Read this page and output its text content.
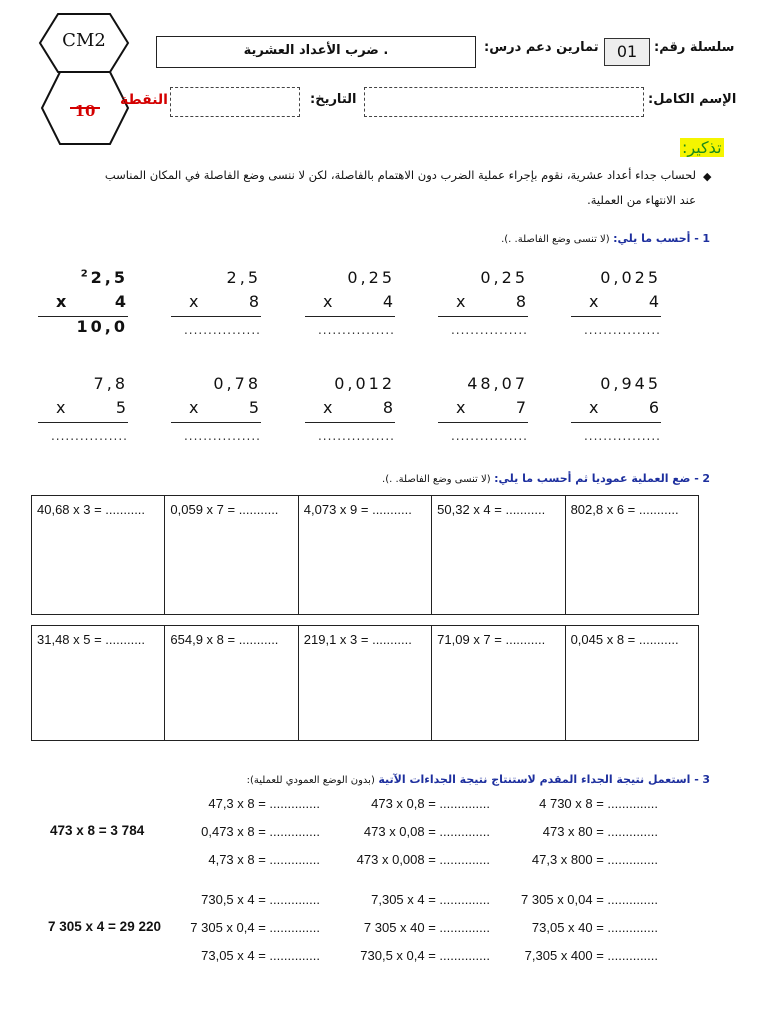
CM2
10
النقطة
ضرب الأعداد العشرية .	تمارين دعم درس:	01	سلسلة رقم:
الإسم الكامل:
التاريخ:
تذكير:
◆
لحساب جداء أعداد عشرية، نقوم بإجراء عملية الضرب دون الاهتمام بالفاصلة، لكن لا ننسى وضع الفاصلة في المكان المناسب
عند الانتهاء من العملية.
1 - أحسب ما يلي: (لا تنسى وضع الفاصلة. .).
0,025
x	4
................
0,25
x	8
................
0,25
x	4
................
2,5
x	8
................
$^2$2,5
x	4
10,0
0,945
x	6
................
48,07
x	7
................
0,012
x	8
................
0,78
x	5
................
7,8
x	5
................
2 - ضع العملية عموديا ثم أحسب ما يلي: (لا تنسى وضع الفاصلة. .).
40,68 x 3 = ...........	0,059 x 7 = ...........	4,073 x 9 = ...........	50,32 x 4 = ...........	802,8 x 6 = ...........
31,48 x 5 = ...........	654,9 x 8 = ...........	219,1 x 3 = ...........	71,09 x 7 = ...........	0,045 x 8 = ...........
3 - استعمل نتيجة الجداء المقدم لاستنتاج نتيجة الجداءات الآتية (بدون الوضع العمودي للعملية):
473 x 8 = 3 784
7 305 x 4 = 29 220
47,3 x 8 = ..............	473 x 0,8 = ..............	4 730 x 8 = ..............
0,473 x 8 = ..............	473 x 0,08 = ..............	473 x 80 = ..............
4,73 x 8 = ..............	473 x 0,008 = ..............	47,3 x 800 = ..............
730,5 x 4 = ..............	7,305 x 4 = .............. 7 305 x 0,04 = ..............
7 305 x 0,4 = ..............	7 305 x 40 = ..............	73,05 x 40 = ..............
73,05 x 4 = ..............	730,5 x 0,4 = ..............	7,305 x 400 = ..............
